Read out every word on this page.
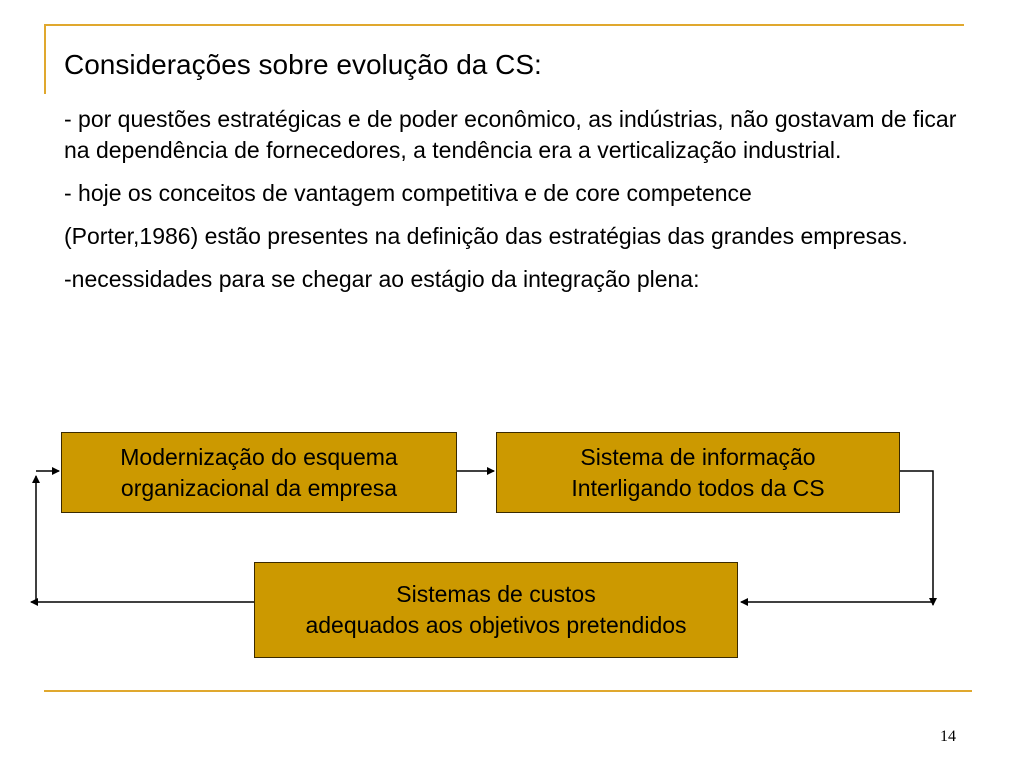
Considerações sobre evolução da CS:

- por questões estratégicas e de poder econômico, as indústrias, não gostavam de ficar na dependência de fornecedores, a tendência era a verticalização industrial.

- hoje os conceitos de vantagem competitiva e de core competence

(Porter,1986) estão presentes na definição das estratégias das grandes empresas.

-necessidades para se chegar ao estágio da integração plena:

Modernização do esquema
organizacional da empresa
Sistema de informação
Interligando todos da CS
Sistemas de custos
adequados aos objetivos pretendidos
14
